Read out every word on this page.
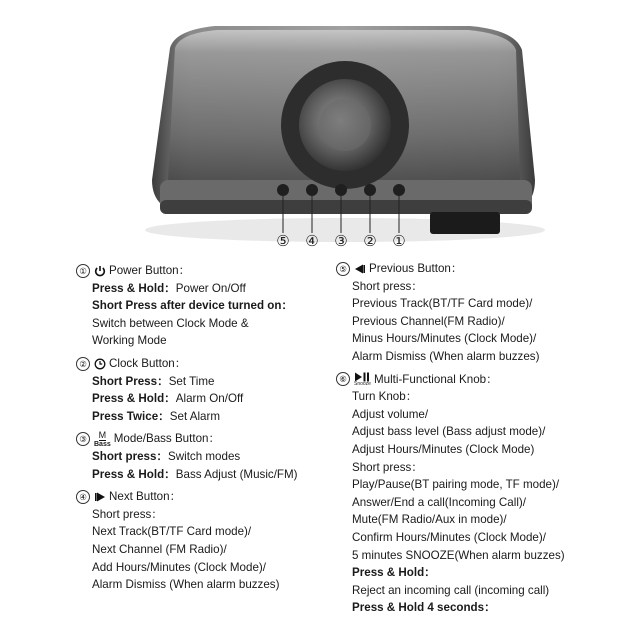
⑤ ④ ③ ② ①
① Power Button：
Press & Hold：Power On/Off
Short Press after device turned on：
Switch between Clock Mode &
Working Mode
② Clock Button：
Short Press：Set Time
Press & Hold：Alarm On/Off
Press Twice：Set Alarm
③	M
Bass Mode/Bass Button：
Short press：Switch modes
Press & Hold：Bass Adjust (Music/FM)
④ Next Button：
Short press：
Next Track(BT/TF Card mode)/
Next Channel (FM Radio)/
Add Hours/Minutes (Clock Mode)/
Alarm Dismiss (When alarm buzzes)
⑤ Previous Button：
Short press：
Previous Track(BT/TF Card mode)/
Previous Channel(FM Radio)/
Minus Hours/Minutes (Clock Mode)/
Alarm Dismiss (When alarm buzzes)
⑥	Snooze Multi-Functional Knob：
Turn Knob：
Adjust volume/
Adjust bass level (Bass adjust mode)/
Adjust Hours/Minutes (Clock Mode)
Short press：
Play/Pause(BT pairing mode, TF mode)/
Answer/End a call(Incoming Call)/
Mute(FM Radio/Aux in mode)/
Confirm Hours/Minutes (Clock Mode)/
5 minutes SNOOZE(When alarm buzzes)
Press & Hold：
Reject an incoming call (incoming call)
Press & Hold 4 seconds：
